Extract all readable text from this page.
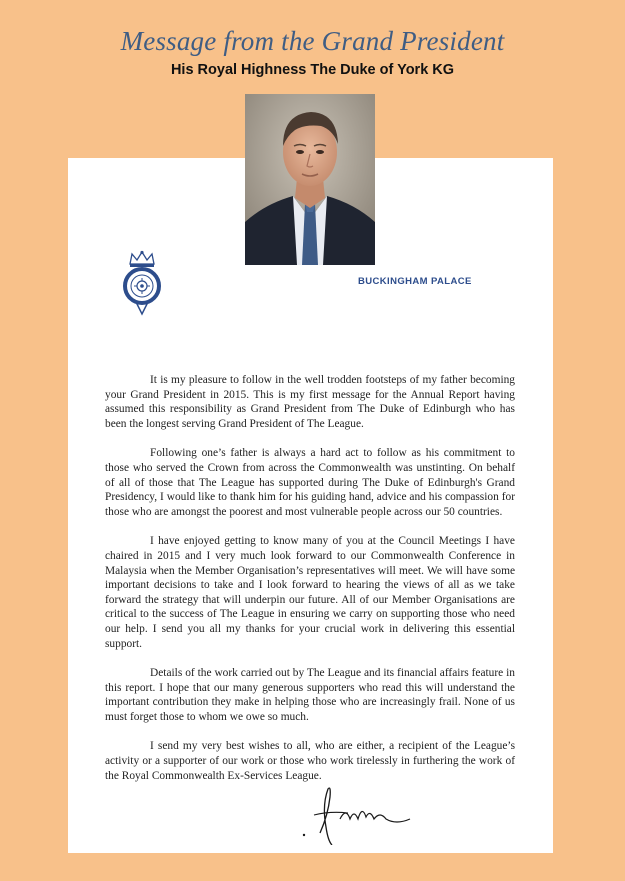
Message from the Grand President
His Royal Highness The Duke of York KG
BUCKINGHAM PALACE

It is my pleasure to follow in the well trodden footsteps of my father becoming your Grand President in 2015. This is my first message for the Annual Report having assumed this responsibility as Grand President from The Duke of Edinburgh who has been the longest serving Grand President of The League.

Following one’s father is always a hard act to follow as his commitment to those who served the Crown from across the Commonwealth was unstinting. On behalf of all of those that The League has supported during The Duke of Edinburgh's Grand Presidency, I would like to thank him for his guiding hand, advice and his compassion for those who are amongst the poorest and most vulnerable people across our 50 countries.

I have enjoyed getting to know many of you at the Council Meetings I have chaired in 2015 and I very much look forward to our Commonwealth Conference in Malaysia when the Member Organisation’s representatives will meet. We will have some important decisions to take and I look forward to hearing the views of all as we take forward the strategy that will underpin our future. All of our Member Organisations are critical to the success of The League in ensuring we carry on supporting those who need our help. I send you all my thanks for your crucial work in delivering this essential support.

Details of the work carried out by The League and its financial affairs feature in this report. I hope that our many generous supporters who read this will understand the important contribution they make in helping those who are increasingly frail. None of us must forget those to whom we owe so much.

I send my very best wishes to all, who are either, a recipient of the League’s activity or a supporter of our work or those who work tirelessly in furthering the work of the Royal Commonwealth Ex-Services League.
